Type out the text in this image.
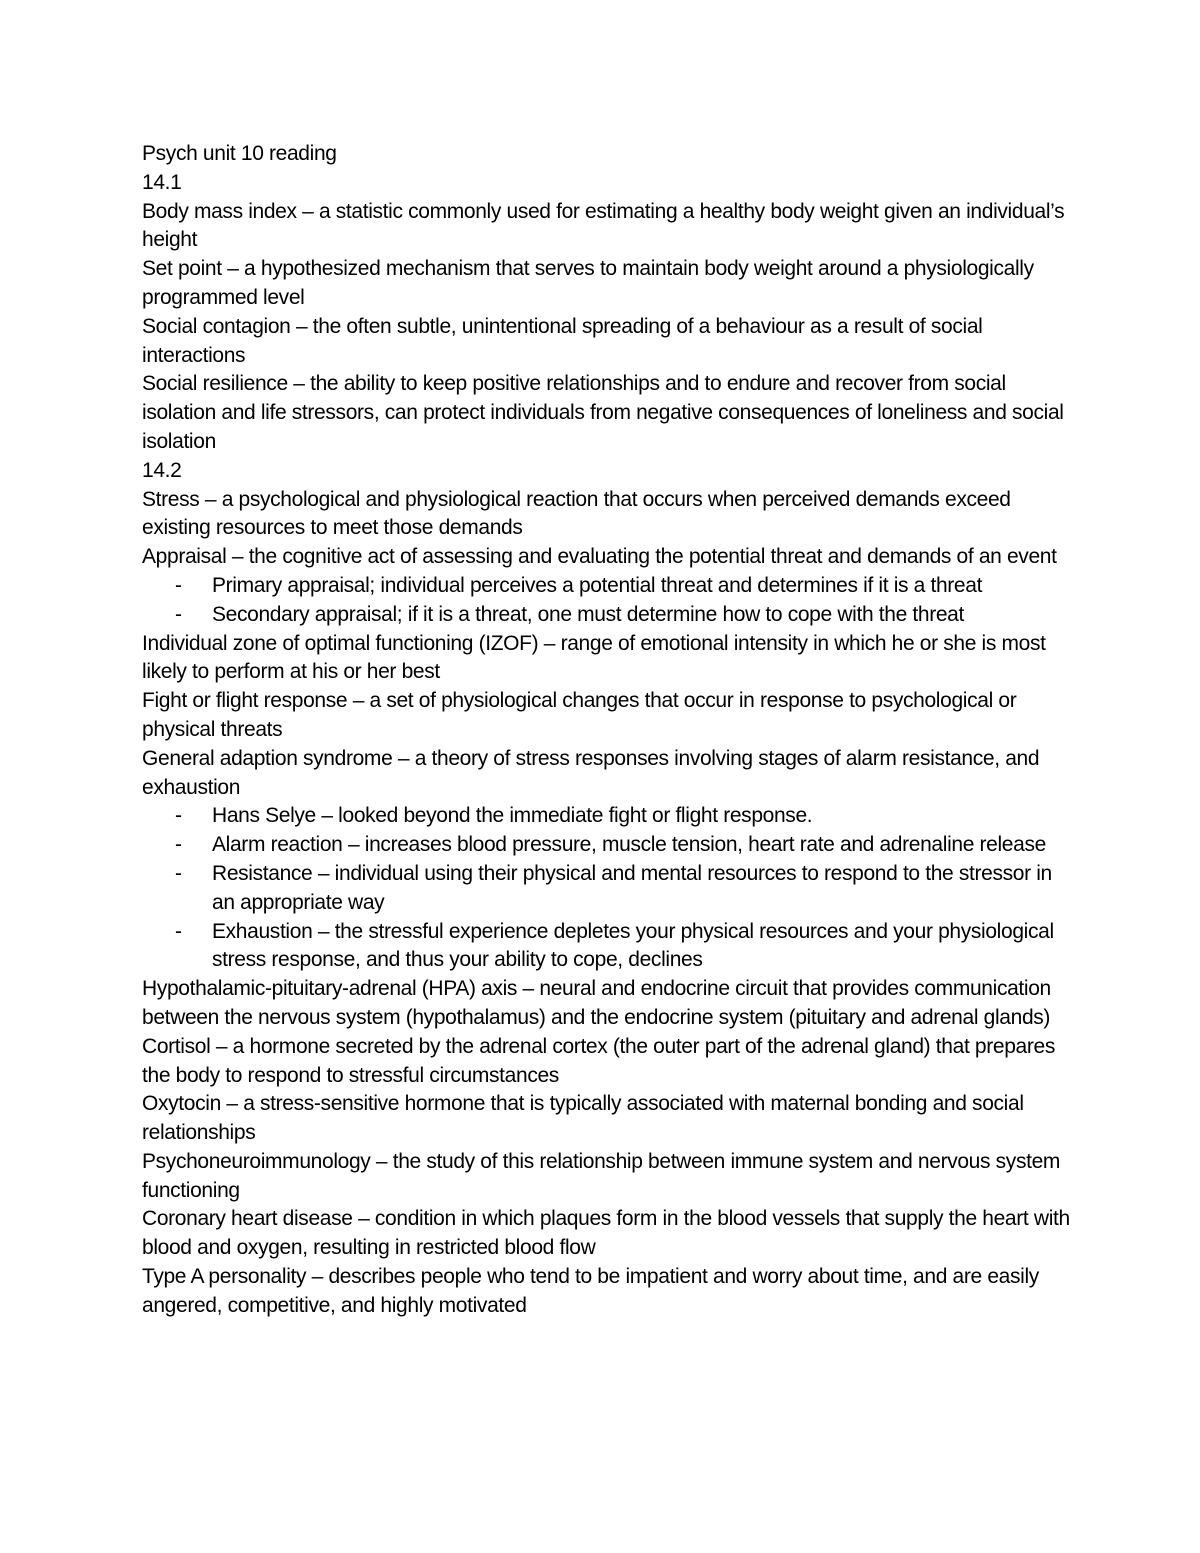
Psych unit 10 reading

14.1

Body mass index – a statistic commonly used for estimating a healthy body weight given an individual’s height

Set point – a hypothesized mechanism that serves to maintain body weight around a physiologically programmed level

Social contagion – the often subtle, unintentional spreading of a behaviour as a result of social interactions

Social resilience – the ability to keep positive relationships and to endure and recover from social isolation and life stressors, can protect individuals from negative consequences of loneliness and social isolation

14.2

Stress – a psychological and physiological reaction that occurs when perceived demands exceed existing resources to meet those demands

Appraisal – the cognitive act of assessing and evaluating the potential threat and demands of an event

- Primary appraisal; individual perceives a potential threat and determines if it is a threat

- Secondary appraisal; if it is a threat, one must determine how to cope with the threat

Individual zone of optimal functioning (IZOF) – range of emotional intensity in which he or she is most likely to perform at his or her best

Fight or flight response – a set of physiological changes that occur in response to psychological or physical threats

General adaption syndrome – a theory of stress responses involving stages of alarm resistance, and exhaustion

- Hans Selye – looked beyond the immediate fight or flight response.

- Alarm reaction – increases blood pressure, muscle tension, heart rate and adrenaline release

- Resistance – individual using their physical and mental resources to respond to the stressor in an appropriate way

- Exhaustion – the stressful experience depletes your physical resources and your physiological stress response, and thus your ability to cope, declines

Hypothalamic-pituitary-adrenal (HPA) axis – neural and endocrine circuit that provides communication between the nervous system (hypothalamus) and the endocrine system (pituitary and adrenal glands)

Cortisol – a hormone secreted by the adrenal cortex (the outer part of the adrenal gland) that prepares the body to respond to stressful circumstances

Oxytocin – a stress-sensitive hormone that is typically associated with maternal bonding and social relationships

Psychoneuroimmunology – the study of this relationship between immune system and nervous system functioning

Coronary heart disease – condition in which plaques form in the blood vessels that supply the heart with blood and oxygen, resulting in restricted blood flow

Type A personality – describes people who tend to be impatient and worry about time, and are easily angered, competitive, and highly motivated
